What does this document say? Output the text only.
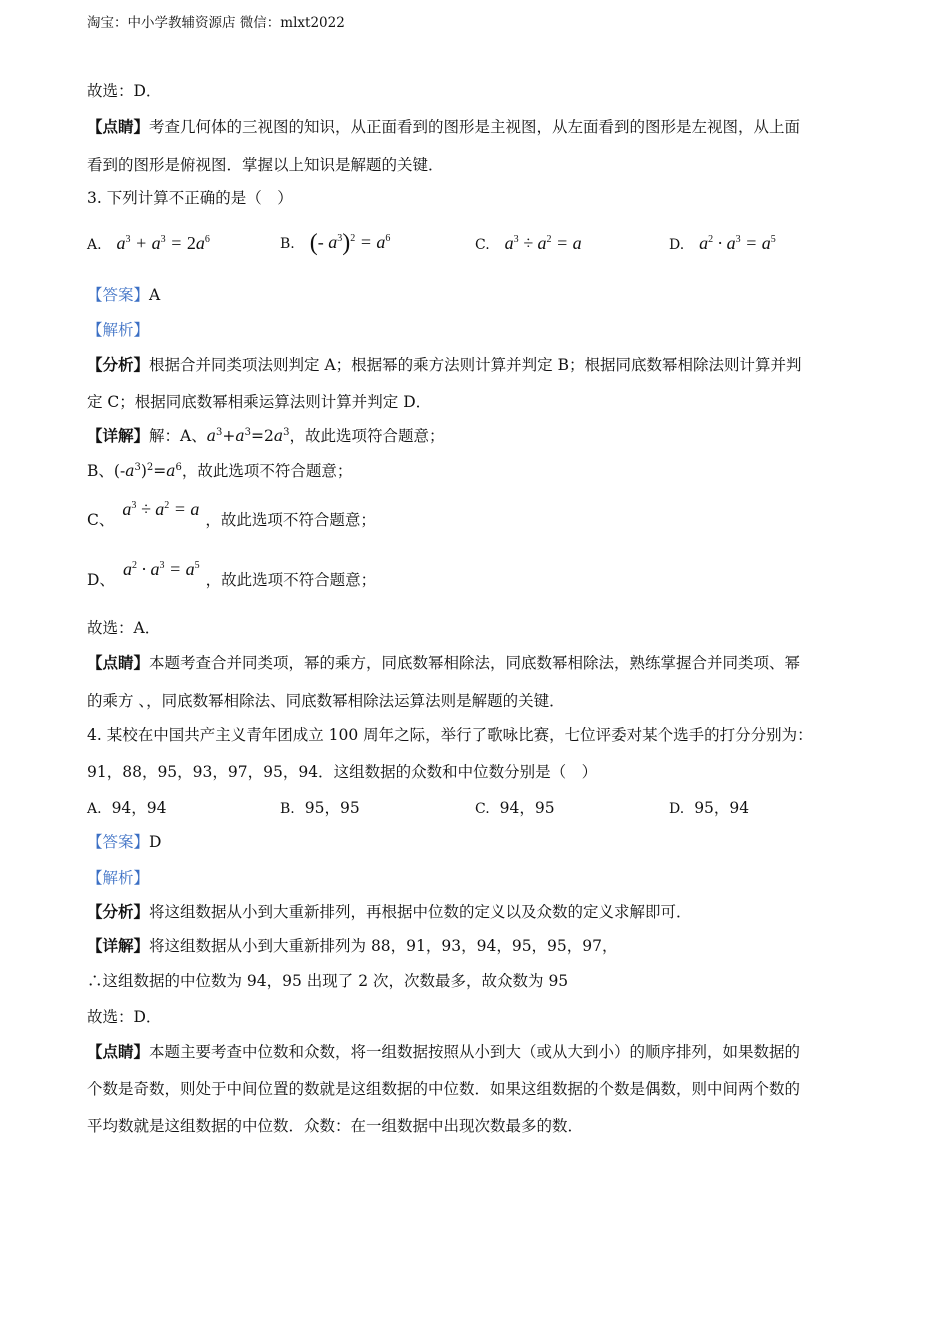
淘宝：中小学教辅资源店 微信：mlxt2022
故选：D．
【点睛】考查几何体的三视图的知识，从正面看到的图形是主视图，从左面看到的图形是左视图，从上面
看到的图形是俯视图．掌握以上知识是解题的关键．
3. 下列计算不正确的是（　）
A. $a^3 + a^3 = 2a^6$	B. (- $a^3)^2 = a^6$	C. $a^3 \div a^2 = a$	D. $a^2 \cdot a^3 = a^5$
【答案】A
【解析】
【分析】根据合并同类项法则判定 A；根据幂的乘方法则计算并判定 B；根据同底数幂相除法则计算并判
定 C；根据同底数幂相乘运算法则计算并判定 D．
【详解】解：A、$a^3+a^3=2a^3$，故此选项符合题意；
B、$(-a^3)^2=a^6$，故此选项不符合题意；
C、$a^3 \div a^2 = a$，故此选项不符合题意；
D、$a^2 \cdot a^3 = a^5$，故此选项不符合题意；
故选：A．
【点睛】本题考查合并同类项，幂的乘方，同底数幂相除法，同底数幂相除法，熟练掌握合并同类项、幂
的乘方 、，同底数幂相除法、同底数幂相除法运算法则是解题的关键．
4. 某校在中国共产主义青年团成立 100 周年之际，举行了歌咏比赛，七位评委对某个选手的打分分别为：
91，88，95，93，97，95，94．这组数据的众数和中位数分别是（　）
A. 94，94	B. 95，95	C. 94，95	D. 95，94
【答案】D
【解析】
【分析】将这组数据从小到大重新排列，再根据中位数的定义以及众数的定义求解即可．
【详解】将这组数据从小到大重新排列为 88，91，93，94，95，95，97，
∴这组数据的中位数为 94，95 出现了 2 次，次数最多，故众数为 95
故选：D．
【点睛】本题主要考查中位数和众数，将一组数据按照从小到大（或从大到小）的顺序排列，如果数据的
个数是奇数，则处于中间位置的数就是这组数据的中位数．如果这组数据的个数是偶数，则中间两个数的
平均数就是这组数据的中位数．众数：在一组数据中出现次数最多的数．
